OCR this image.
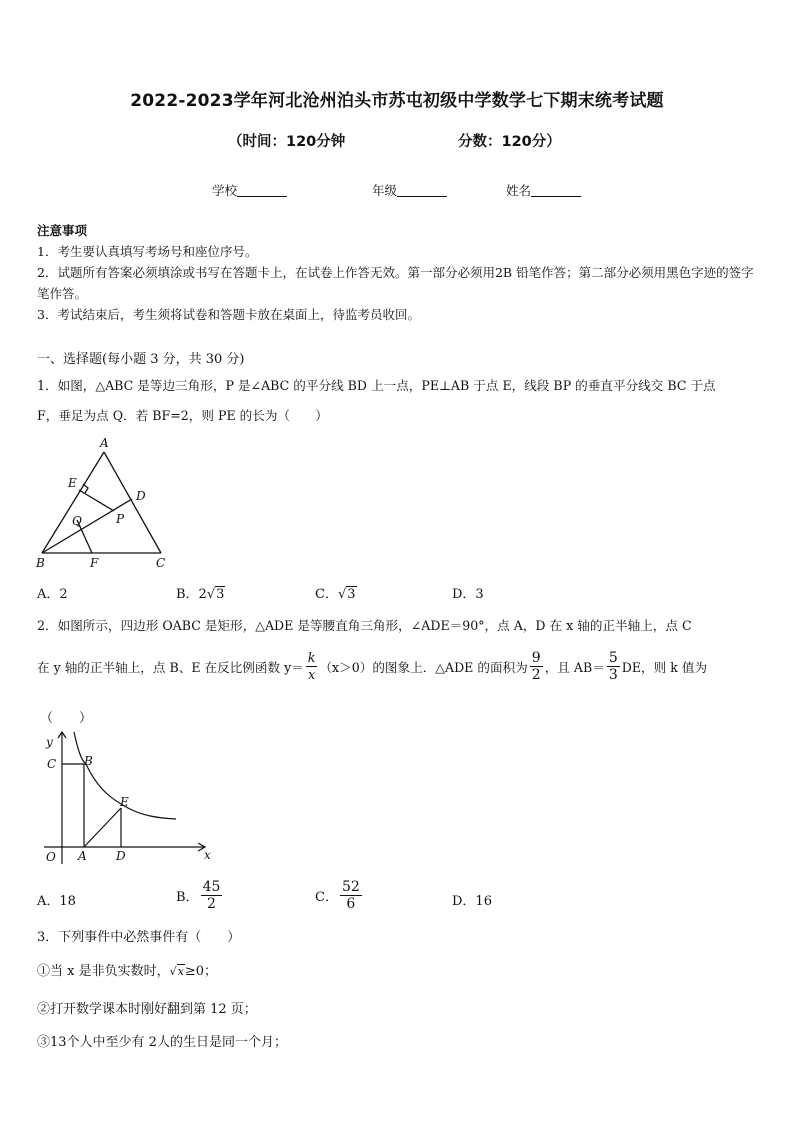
2022-2023学年河北沧州泊头市苏屯初级中学数学七下期末统考试题
（时间：120分钟	分数：120分）
学校	年级	姓名
注意事项
1．考生要认真填写考场号和座位序号。
2．试题所有答案必须填涂或书写在答题卡上，在试卷上作答无效。第一部分必须用2B 铅笔作答；第二部分必须用黑色字迹的签字笔作答。
3．考试结束后，考生须将试卷和答题卡放在桌面上，待监考员收回。
一、选择题(每小题 3 分，共 30 分)
1．如图，△ABC 是等边三角形，P 是∠ABC 的平分线 BD 上一点，PE⊥AB 于点 E，线段 BP 的垂直平分线交 BC 于点
F，垂足为点 Q．若 BF=2，则 PE 的长为（　　）
A
B	C
D
E
F
P
Q
A．2	B．2√3	C．√3	D．3
2．如图所示，四边形 OABC 是矩形，△ADE 是等腰直角三角形，∠ADE＝90°，点 A，D 在 x 轴的正半轴上，点 C
在 y 轴的正半轴上，点 B、E 在反比例函数 $y= \frac{k}{x} (x>0)$的图象上．△ADE 的面积为 $\frac{9}{2}$ ，且 $AB= \frac{5}{3}$ DE，则 k 值为
（　　）
y
x
O A
B
C
D
E
A．18	B． $\frac{45}{2}$	C． $\frac{52}{6}$	D．16
3．下列事件中必然事件有（　　）
①当 x 是非负实数时，√x≥0；
②打开数学课本时刚好翻到第 12 页；
③13个人中至少有 2人的生日是同一个月；
